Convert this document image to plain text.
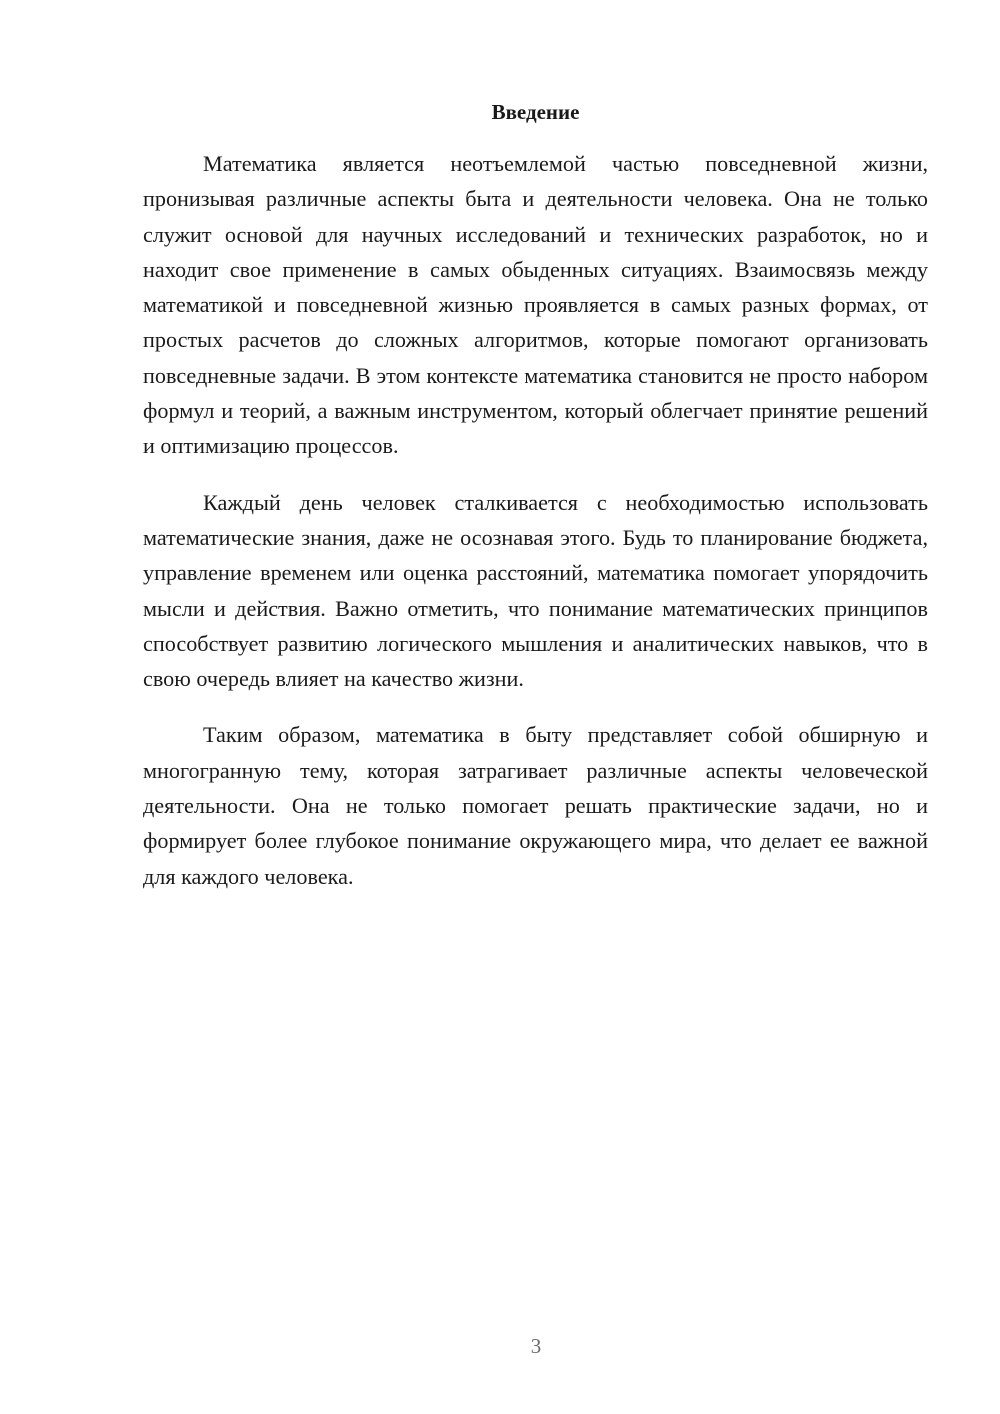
Введение

Математика является неотъемлемой частью повседневной жизни, пронизывая различные аспекты быта и деятельности человека. Она не только служит основой для научных исследований и технических разработок, но и находит свое применение в самых обыденных ситуациях. Взаимосвязь между математикой и повседневной жизнью проявляется в самых разных формах, от простых расчетов до сложных алгоритмов, которые помогают организовать повседневные задачи. В этом контексте математика становится не просто набором формул и теорий, а важным инструментом, который облегчает принятие решений и оптимизацию процессов.

Каждый день человек сталкивается с необходимостью использовать математические знания, даже не осознавая этого. Будь то планирование бюджета, управление временем или оценка расстояний, математика помогает упорядочить мысли и действия. Важно отметить, что понимание математических принципов способствует развитию логического мышления и аналитических навыков, что в свою очередь влияет на качество жизни.

Таким образом, математика в быту представляет собой обширную и многогранную тему, которая затрагивает различные аспекты человеческой деятельности. Она не только помогает решать практические задачи, но и формирует более глубокое понимание окружающего мира, что делает ее важной для каждого человека.

3
